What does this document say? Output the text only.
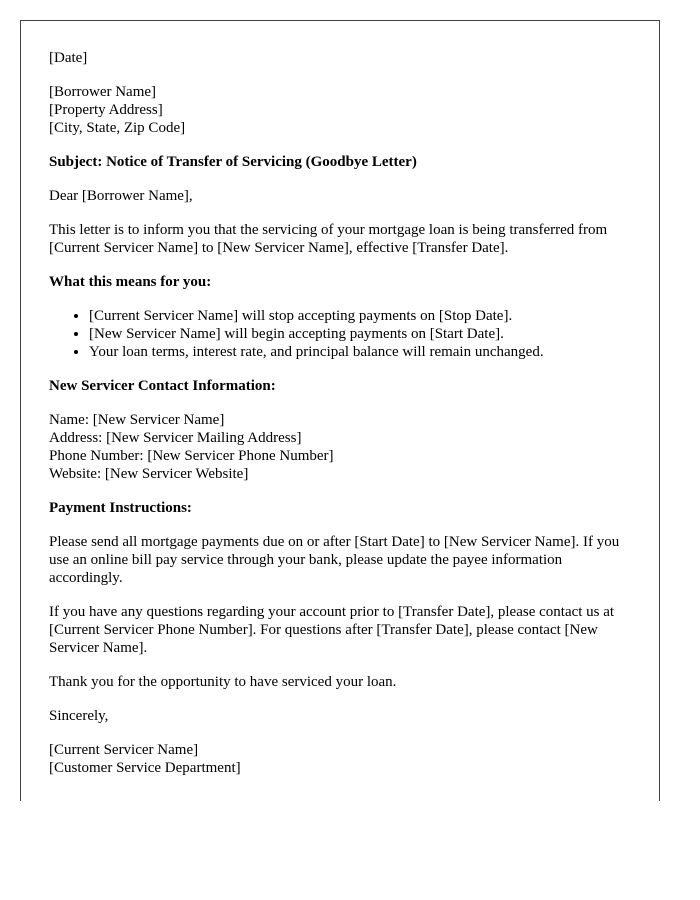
[Date]

[Borrower Name]
[Property Address]
[City, State, Zip Code]

Subject: Notice of Transfer of Servicing (Goodbye Letter)

Dear [Borrower Name],

This letter is to inform you that the servicing of your mortgage loan is being transferred from [Current Servicer Name] to [New Servicer Name], effective [Transfer Date].

What this means for you:

• [Current Servicer Name] will stop accepting payments on [Stop Date].
• [New Servicer Name] will begin accepting payments on [Start Date].
• Your loan terms, interest rate, and principal balance will remain unchanged.

New Servicer Contact Information:

Name: [New Servicer Name]
Address: [New Servicer Mailing Address]
Phone Number: [New Servicer Phone Number]
Website: [New Servicer Website]

Payment Instructions:

Please send all mortgage payments due on or after [Start Date] to [New Servicer Name]. If you use an online bill pay service through your bank, please update the payee information accordingly.

If you have any questions regarding your account prior to [Transfer Date], please contact us at [Current Servicer Phone Number]. For questions after [Transfer Date], please contact [New Servicer Name].

Thank you for the opportunity to have serviced your loan.

Sincerely,

[Current Servicer Name]
[Customer Service Department]
